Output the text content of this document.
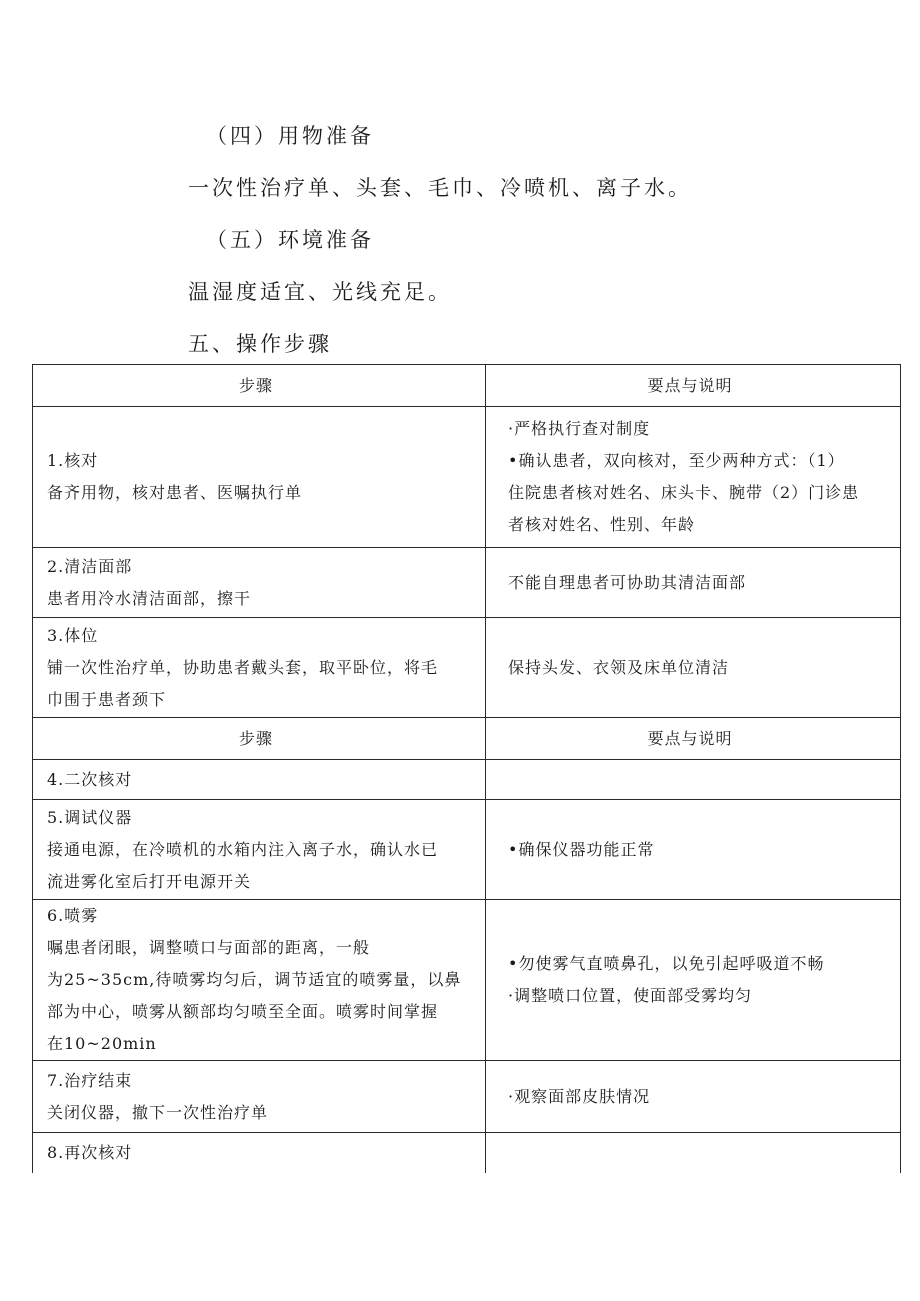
（四）用物准备
一次性治疗单、头套、毛巾、冷喷机、离子水。
（五）环境准备
温湿度适宜、光线充足。
五、操作步骤
步骤	要点与说明

1.核对
备齐用物，核对患者、医嘱执行单	·严格执行查对制度
•确认患者，双向核对，至少两种方式：（1）
住院患者核对姓名、床头卡、腕带（2）门诊患
者核对姓名、性别、年龄

2.清洁面部
患者用冷水清洁面部，擦干	不能自理患者可协助其清洁面部

3.体位
铺一次性治疗单，协助患者戴头套，取平卧位，将毛
巾围于患者颈下	保持头发、衣领及床单位清洁

步骤	要点与说明

4.二次核对	

5.调试仪器
接通电源，在冷喷机的水箱内注入离子水，确认水已
流进雾化室后打开电源开关	•确保仪器功能正常

6.喷雾
嘱患者闭眼，调整喷口与面部的距离，一般
为25~35cm,待喷雾均匀后，调节适宜的喷雾量，以鼻
部为中心，喷雾从额部均匀喷至全面。喷雾时间掌握
在10~20min	•勿使雾气直喷鼻孔，以免引起呼吸道不畅
·调整喷口位置，使面部受雾均匀

7.治疗结束
关闭仪器，撤下一次性治疗单	·观察面部皮肤情况

8.再次核对	
